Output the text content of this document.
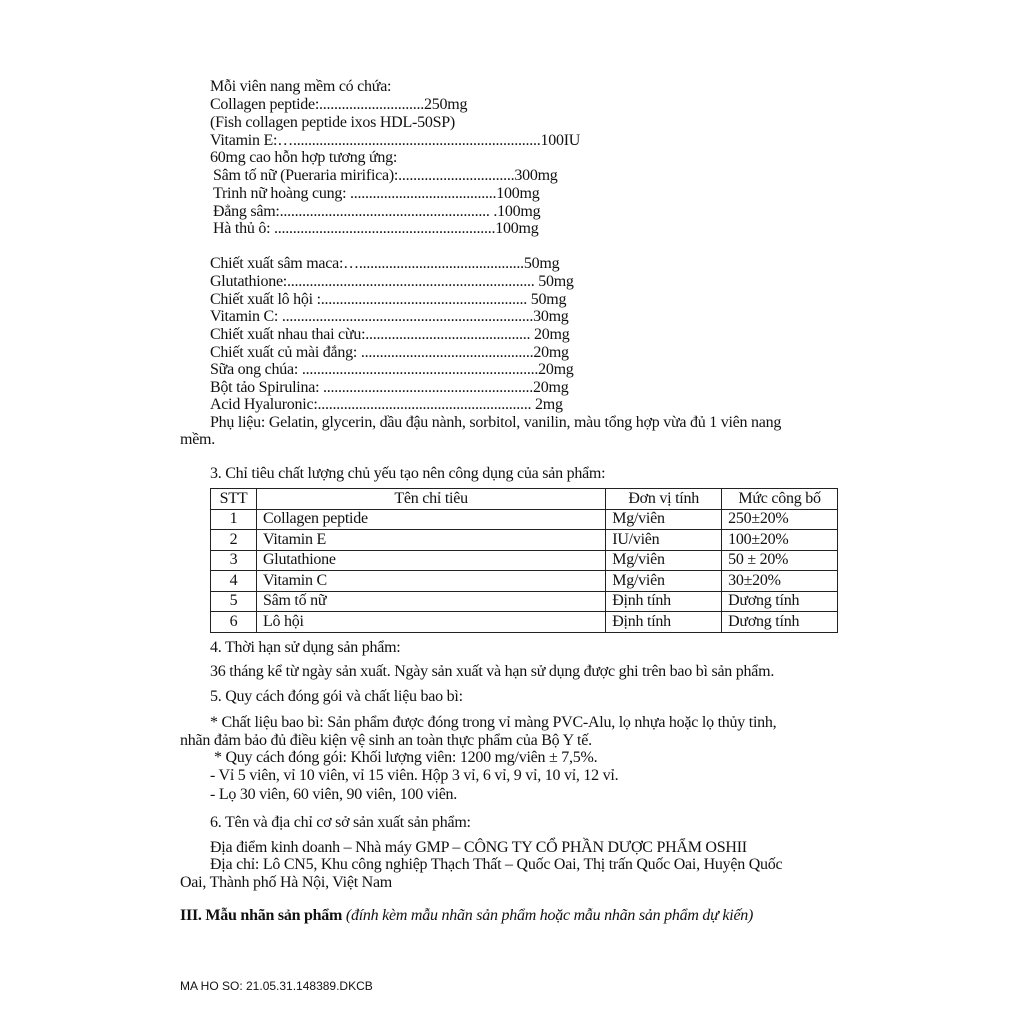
Mỗi viên nang mềm có chứa:
Collagen peptide:............................250mg
(Fish collagen peptide ixos HDL-50SP)
Vitamin E:…..................................................................100IU
60mg cao hỗn hợp tương ứng:
Sâm tố nữ (Pueraria mirifica):...............................300mg
Trinh nữ hoàng cung: .......................................100mg
Đẳng sâm:........................................................ .100mg
Hà thủ ô: ...........................................................100mg
Chiết xuất sâm maca:…............................................50mg
Glutathione:.................................................................. 50mg
Chiết xuất lô hội :....................................................... 50mg
Vitamin C: ...................................................................30mg
Chiết xuất nhau thai cừu:............................................ 20mg
Chiết xuất củ mài đắng: ..............................................20mg
Sữa ong chúa: ...............................................................20mg
Bột tảo Spirulina: ........................................................20mg
Acid Hyaluronic:......................................................... 2mg
Phụ liệu: Gelatin, glycerin, dầu đậu nành, sorbitol, vanilin, màu tổng hợp vừa đủ 1 viên nang
mềm.
3. Chỉ tiêu chất lượng chủ yếu tạo nên công dụng của sản phẩm:
STT	Tên chỉ tiêu	Đơn vị tính	Mức công bố
1	Collagen peptide	Mg/viên	250±20%
2	Vitamin E	IU/viên	100±20%
3	Glutathione	Mg/viên	50 ± 20%
4	Vitamin C	Mg/viên	30±20%
5	Sâm tố nữ	Định tính	Dương tính
6	Lô hội	Định tính	Dương tính
4. Thời hạn sử dụng sản phẩm:
36 tháng kể từ ngày sản xuất. Ngày sản xuất và hạn sử dụng được ghi trên bao bì sản phẩm.
5. Quy cách đóng gói và chất liệu bao bì:
* Chất liệu bao bì: Sản phẩm được đóng trong vỉ màng PVC-Alu, lọ nhựa hoặc lọ thủy tinh,
nhãn đảm bảo đủ điều kiện vệ sinh an toàn thực phẩm của Bộ Y tế.
* Quy cách đóng gói: Khối lượng viên: 1200 mg/viên ± 7,5%.
- Vỉ 5 viên, vỉ 10 viên, vỉ 15 viên. Hộp 3 vỉ, 6 vỉ, 9 vỉ, 10 vỉ, 12 vỉ.
- Lọ 30 viên, 60 viên, 90 viên, 100 viên.
6. Tên và địa chỉ cơ sở sản xuất sản phẩm:
Địa điểm kinh doanh – Nhà máy GMP – CÔNG TY CỔ PHẦN DƯỢC PHẨM OSHII
Địa chỉ: Lô CN5, Khu công nghiệp Thạch Thất – Quốc Oai, Thị trấn Quốc Oai, Huyện Quốc
Oai, Thành phố Hà Nội, Việt Nam
III. Mẫu nhãn sản phẩm (đính kèm mẫu nhãn sản phẩm hoặc mẫu nhãn sản phẩm dự kiến)
MA HO SO: 21.05.31.148389.DKCB
